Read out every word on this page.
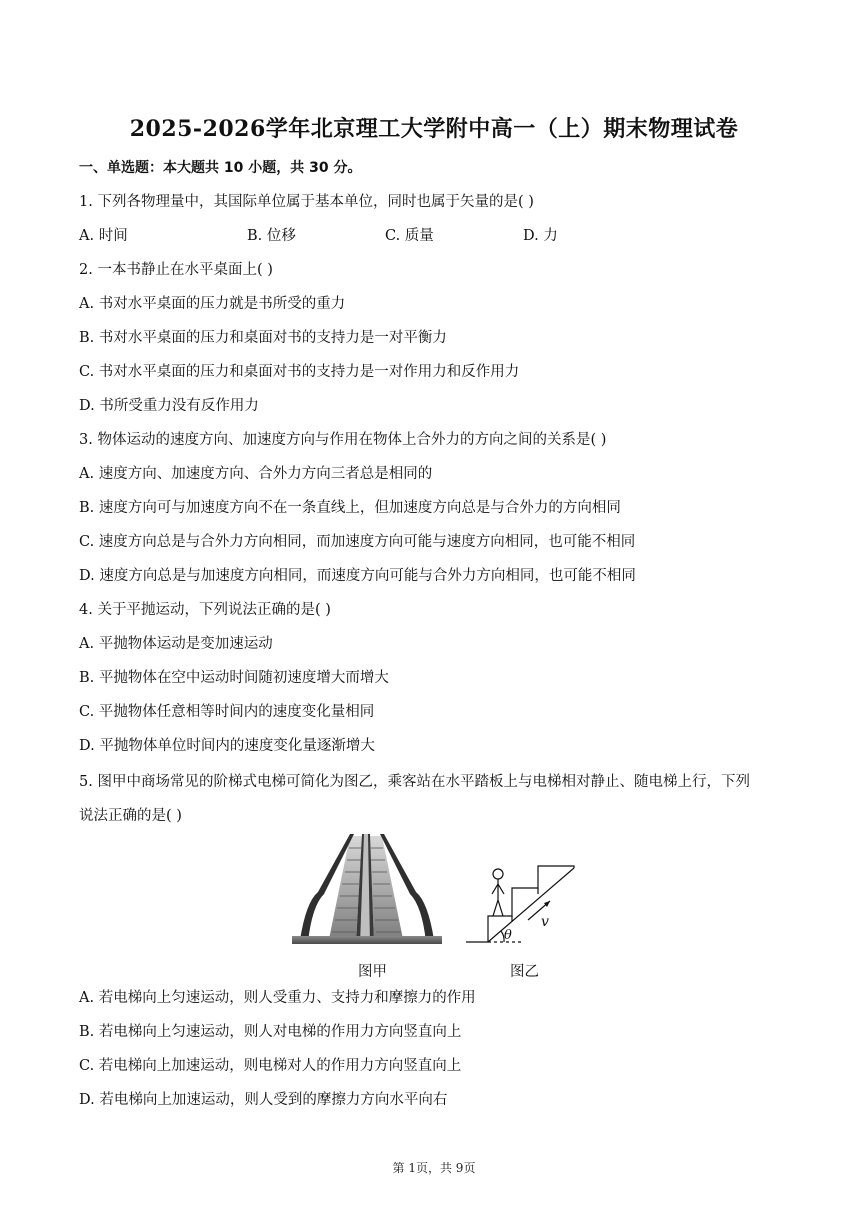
2025-2026学年北京理工大学附中高一（上）期末物理试卷
一、单选题：本大题共 10 小题，共 30 分。
1. 下列各物理量中，其国际单位属于基本单位，同时也属于矢量的是( )
A. 时间	B. 位移	C. 质量	D. 力
2. 一本书静止在水平桌面上( )
A. 书对水平桌面的压力就是书所受的重力
B. 书对水平桌面的压力和桌面对书的支持力是一对平衡力
C. 书对水平桌面的压力和桌面对书的支持力是一对作用力和反作用力
D. 书所受重力没有反作用力
3. 物体运动的速度方向、加速度方向与作用在物体上合外力的方向之间的关系是( )
A. 速度方向、加速度方向、合外力方向三者总是相同的
B. 速度方向可与加速度方向不在一条直线上，但加速度方向总是与合外力的方向相同
C. 速度方向总是与合外力方向相同，而加速度方向可能与速度方向相同，也可能不相同
D. 速度方向总是与加速度方向相同，而速度方向可能与合外力方向相同，也可能不相同
4. 关于平抛运动，下列说法正确的是( )
A. 平抛物体运动是变加速运动
B. 平抛物体在空中运动时间随初速度增大而增大
C. 平抛物体任意相等时间内的速度变化量相同
D. 平抛物体单位时间内的速度变化量逐渐增大
5. 图甲中商场常见的阶梯式电梯可简化为图乙，乘客站在水平踏板上与电梯相对静止、随电梯上行，下列
说法正确的是( )
v
θ
图甲	图乙
A. 若电梯向上匀速运动，则人受重力、支持力和摩擦力的作用
B. 若电梯向上匀速运动，则人对电梯的作用力方向竖直向上
C. 若电梯向上加速运动，则电梯对人的作用力方向竖直向上
D. 若电梯向上加速运动，则人受到的摩擦力方向水平向右
第 1页，共 9页
